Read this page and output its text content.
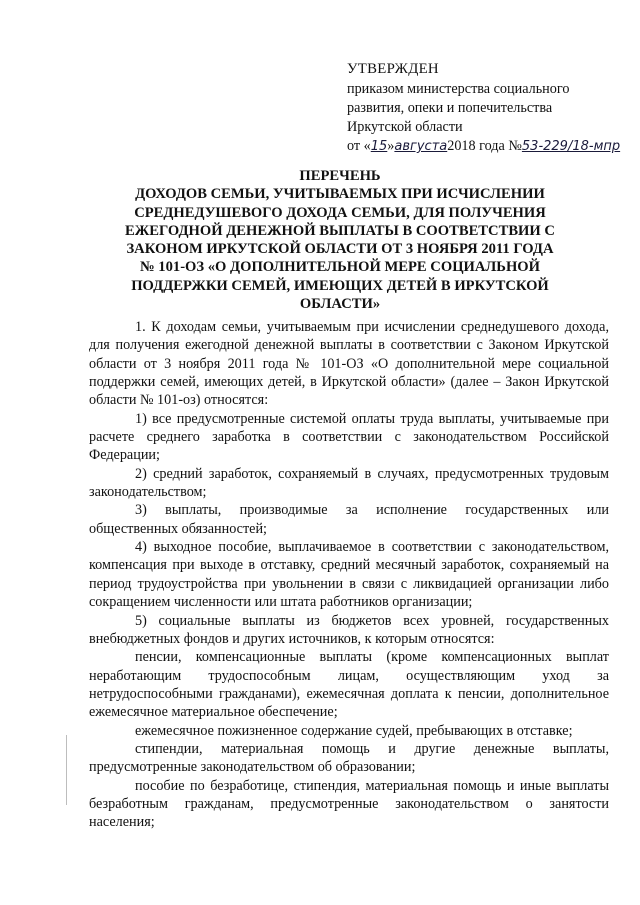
УТВЕРЖДЕН
приказом министерства социального
развития, опеки и попечительства
Иркутской области
от «15»августа2018 года №53-229/18-мпр
ПЕРЕЧЕНЬ
ДОХОДОВ СЕМЬИ, УЧИТЫВАЕМЫХ ПРИ ИСЧИСЛЕНИИ
СРЕДНЕДУШЕВОГО ДОХОДА СЕМЬИ, ДЛЯ ПОЛУЧЕНИЯ
ЕЖЕГОДНОЙ ДЕНЕЖНОЙ ВЫПЛАТЫ В СООТВЕТСТВИИ С
ЗАКОНОМ ИРКУТСКОЙ ОБЛАСТИ ОТ 3 НОЯБРЯ 2011 ГОДА
№ 101-ОЗ «О ДОПОЛНИТЕЛЬНОЙ МЕРЕ СОЦИАЛЬНОЙ
ПОДДЕРЖКИ СЕМЕЙ, ИМЕЮЩИХ ДЕТЕЙ В ИРКУТСКОЙ
ОБЛАСТИ»

1. К доходам семьи, учитываемым при исчислении среднедушевого дохода, для получения ежегодной денежной выплаты в соответствии с Законом Иркутской области от 3 ноября 2011 года № 101-ОЗ «О дополнительной мере социальной поддержки семей, имеющих детей, в Иркутской области» (далее – Закон Иркутской области № 101-оз) относятся:

1) все предусмотренные системой оплаты труда выплаты, учитываемые при расчете среднего заработка в соответствии с законодательством Российской Федерации;

2) средний заработок, сохраняемый в случаях, предусмотренных трудовым законодательством;

3) выплаты, производимые за исполнение государственных или общественных обязанностей;

4) выходное пособие, выплачиваемое в соответствии с законодательством, компенсация при выходе в отставку, средний месячный заработок, сохраняемый на период трудоустройства при увольнении в связи с ликвидацией организации либо сокращением численности или штата работников организации;

5) социальные выплаты из бюджетов всех уровней, государственных внебюджетных фондов и других источников, к которым относятся:

пенсии, компенсационные выплаты (кроме компенсационных выплат неработающим трудоспособным лицам, осуществляющим уход за нетрудоспособными гражданами), ежемесячная доплата к пенсии, дополнительное ежемесячное материальное обеспечение;

ежемесячное пожизненное содержание судей, пребывающих в отставке;

стипендии, материальная помощь и другие денежные выплаты, предусмотренные законодательством об образовании;

пособие по безработице, стипендия, материальная помощь и иные выплаты безработным гражданам, предусмотренные законодательством о занятости населения;
